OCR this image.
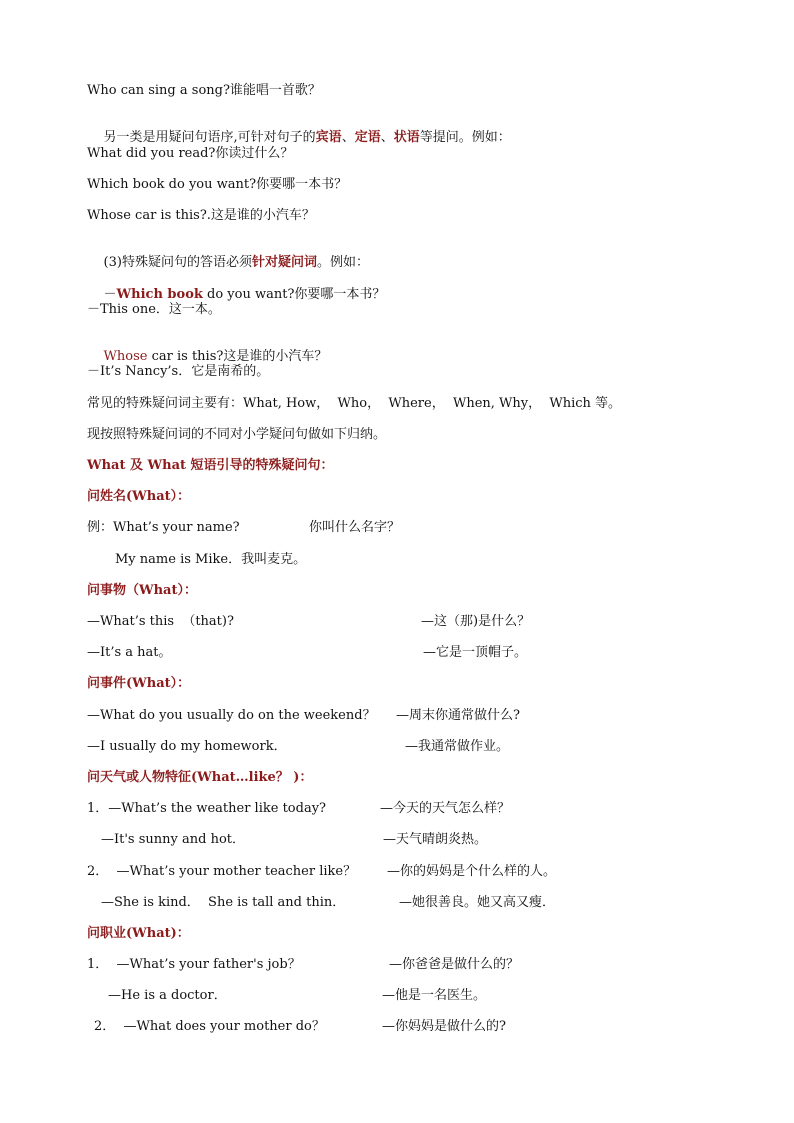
Who can sing a song?谁能唱一首歌？

另一类是用疑问句语序,可针对句子的宾语、定语、状语等提问。例如：

What did you read?你读过什么？
Which book do you want?你要哪一本书？
Whose car is this?.这是谁的小汽车？

(3)特殊疑问句的答语必须针对疑问词。例如：

－Which book do you want?你要哪一本书？

－This one．这一本。

Whose car is this?这是谁的小汽车？

－It’s Nancy’s．它是南希的。
常见的特殊疑问词主要有：What, How，  Who，  Where，  When, Why，  Which 等。
现按照特殊疑问词的不同对小学疑问句做如下归纳。
What 及 What 短语引导的特殊疑问句：
问姓名(What）：
例：What’s your name?	你叫什么名字？
My name is Mike．我叫麦克。
问事物（What）：
—What’s this  （that)?	—这（那)是什么？
—It’s a hat。	—它是一顶帽子。
问事件(What）：
—What do you usually do on the weekend？ —周末你通常做什么?
—I usually do my homework．	—我通常做作业。
问天气或人物特征(What…like？ )：
1．—What’s the weather like today?	—今天的天气怎么样？
—It's sunny and hot．	—天气晴朗炎热。
2．  —What’s your mother teacher like？ —你的妈妈是个什么样的人。
—She is kind．  She is tall and thin．	—她很善良。她又高又瘦．
问职业(What)：
1．  —What’s your father's job？	—你爸爸是做什么的？
—He is a doctor．	—他是一名医生。
2．  —What does your mother do？	—你妈妈是做什么的?
